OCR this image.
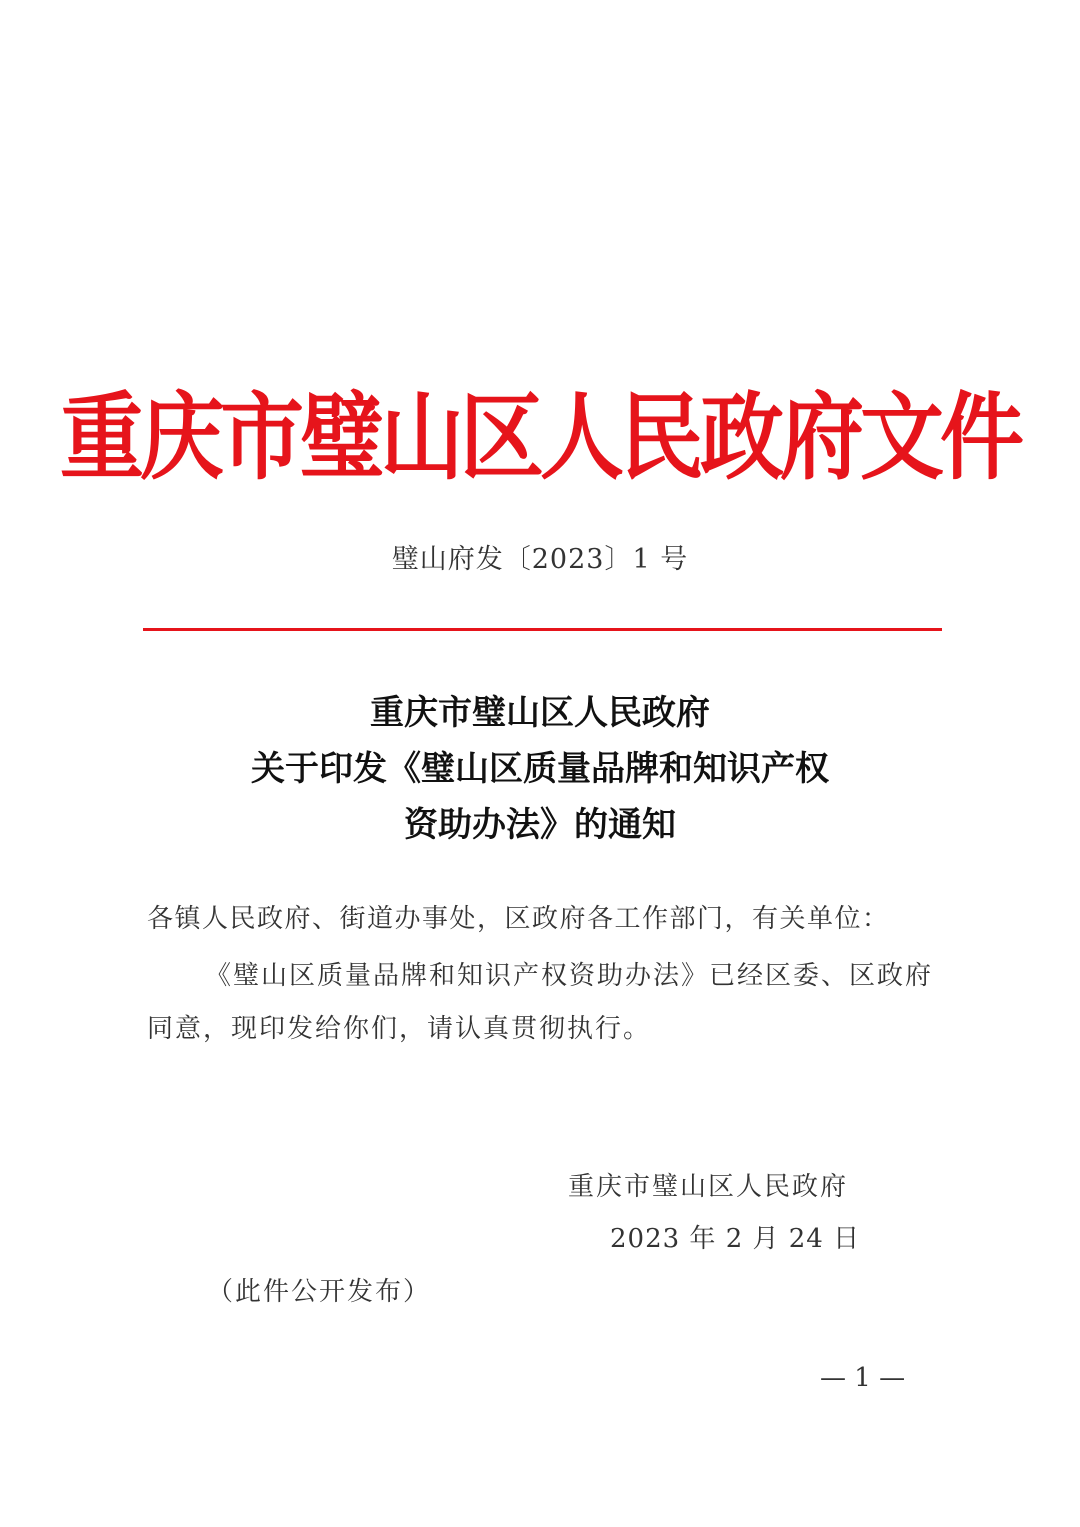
重庆市璧山区人民政府文件
璧山府发〔2023〕1 号
重庆市璧山区人民政府
关于印发《璧山区质量品牌和知识产权
资助办法》的通知
各镇人民政府、街道办事处，区政府各工作部门，有关单位：
《璧山区质量品牌和知识产权资助办法》已经区委、区政府
同意，现印发给你们，请认真贯彻执行。
重庆市璧山区人民政府
2023 年 2 月 24 日
（此件公开发布）
— 1 —
